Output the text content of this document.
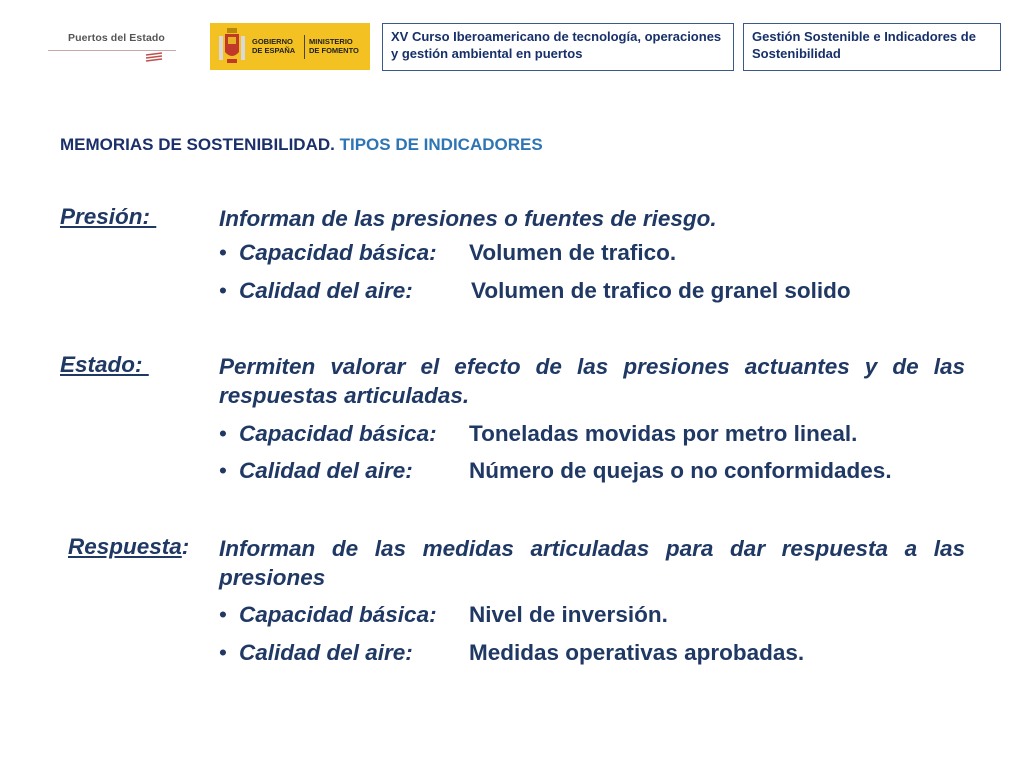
Puertos del Estado	GOBIERNO
DE ESPAÑA
MINISTERIO
DE FOMENTO
XV Curso Iberoamericano de tecnología, operaciones y gestión ambiental en puertos
Gestión Sostenible e Indicadores de Sostenibilidad
MEMORIAS DE SOSTENIBILIDAD. TIPOS DE INDICADORES
Presión:	Informan de las presiones o fuentes de riesgo.
• Capacidad básica: Volumen de trafico.
• Calidad del aire:	Volumen de trafico de granel solido
Estado:	Permiten valorar el efecto de las presiones actuantes y de las respuestas articuladas.
• Capacidad básica: Toneladas movidas por metro lineal.
• Calidad del aire: Número de quejas o no conformidades.
Respuesta: Informan de las medidas articuladas para dar respuesta a las presiones
• Capacidad básica: Nivel de inversión.
• Calidad del aire: Medidas operativas aprobadas.
